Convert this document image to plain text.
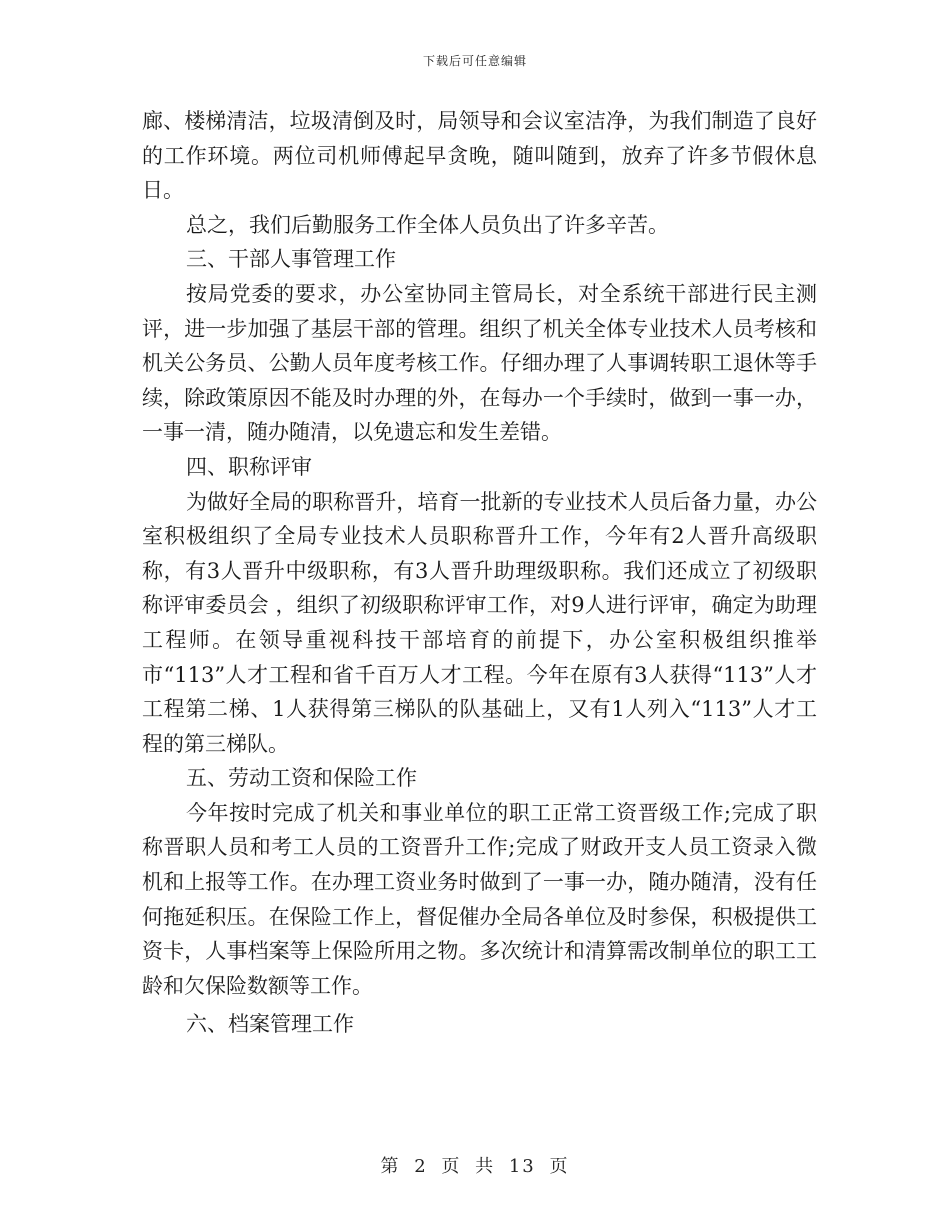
下载后可任意编辑

廊、楼梯清洁，垃圾清倒及时，局领导和会议室洁净，为我们制造了良好的工作环境。两位司机师傅起早贪晚，随叫随到，放弃了许多节假休息日。

总之，我们后勤服务工作全体人员负出了许多辛苦。

三、干部人事管理工作

按局党委的要求，办公室协同主管局长，对全系统干部进行民主测评，进一步加强了基层干部的管理。组织了机关全体专业技术人员考核和机关公务员、公勤人员年度考核工作。仔细办理了人事调转职工退休等手续，除政策原因不能及时办理的外，在每办一个手续时，做到一事一办，一事一清，随办随清，以免遗忘和发生差错。

四、职称评审

为做好全局的职称晋升，培育一批新的专业技术人员后备力量，办公室积极组织了全局专业技术人员职称晋升工作，今年有2人晋升高级职称，有3人晋升中级职称，有3人晋升助理级职称。我们还成立了初级职称评审委员会 ，组织了初级职称评审工作，对9人进行评审，确定为助理工程师。在领导重视科技干部培育的前提下，办公室积极组织推举市“113”人才工程和省千百万人才工程。今年在原有3人获得“113”人才工程第二梯、1人获得第三梯队的队基础上，又有1人列入“113”人才工程的第三梯队。

五、劳动工资和保险工作

今年按时完成了机关和事业单位的职工正常工资晋级工作;完成了职称晋职人员和考工人员的工资晋升工作;完成了财政开支人员工资录入微机和上报等工作。在办理工资业务时做到了一事一办，随办随清，没有任何拖延积压。在保险工作上，督促催办全局各单位及时参保，积极提供工资卡，人事档案等上保险所用之物。多次统计和清算需改制单位的职工工龄和欠保险数额等工作。

六、档案管理工作

第 2 页 共 13 页
